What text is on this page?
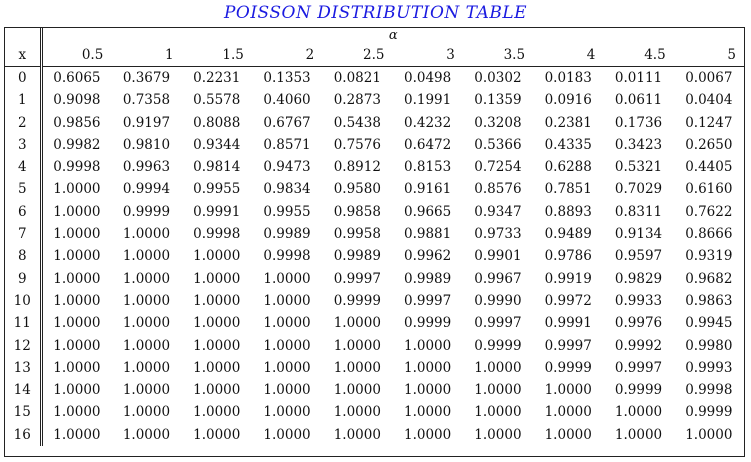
POISSON DISTRIBUTION TABLE
	α									
x	0.5	1	1.5	2	2.5	3	3.5	4	4.5	5
0	0.6065	0.3679	0.2231	0.1353	0.0821	0.0498	0.0302	0.0183	0.0111	0.0067
1	0.9098	0.7358	0.5578	0.4060	0.2873	0.1991	0.1359	0.0916	0.0611	0.0404
2	0.9856	0.9197	0.8088	0.6767	0.5438	0.4232	0.3208	0.2381	0.1736	0.1247
3	0.9982	0.9810	0.9344	0.8571	0.7576	0.6472	0.5366	0.4335	0.3423	0.2650
4	0.9998	0.9963	0.9814	0.9473	0.8912	0.8153	0.7254	0.6288	0.5321	0.4405
5	1.0000	0.9994	0.9955	0.9834	0.9580	0.9161	0.8576	0.7851	0.7029	0.6160
6	1.0000	0.9999	0.9991	0.9955	0.9858	0.9665	0.9347	0.8893	0.8311	0.7622
7	1.0000	1.0000	0.9998	0.9989	0.9958	0.9881	0.9733	0.9489	0.9134	0.8666
8	1.0000	1.0000	1.0000	0.9998	0.9989	0.9962	0.9901	0.9786	0.9597	0.9319
9	1.0000	1.0000	1.0000	1.0000	0.9997	0.9989	0.9967	0.9919	0.9829	0.9682
10	1.0000	1.0000	1.0000	1.0000	0.9999	0.9997	0.9990	0.9972	0.9933	0.9863
11	1.0000	1.0000	1.0000	1.0000	1.0000	0.9999	0.9997	0.9991	0.9976	0.9945
12	1.0000	1.0000	1.0000	1.0000	1.0000	1.0000	0.9999	0.9997	0.9992	0.9980
13	1.0000	1.0000	1.0000	1.0000	1.0000	1.0000	1.0000	0.9999	0.9997	0.9993
14	1.0000	1.0000	1.0000	1.0000	1.0000	1.0000	1.0000	1.0000	0.9999	0.9998
15	1.0000	1.0000	1.0000	1.0000	1.0000	1.0000	1.0000	1.0000	1.0000	0.9999
16	1.0000	1.0000	1.0000	1.0000	1.0000	1.0000	1.0000	1.0000	1.0000	1.0000
